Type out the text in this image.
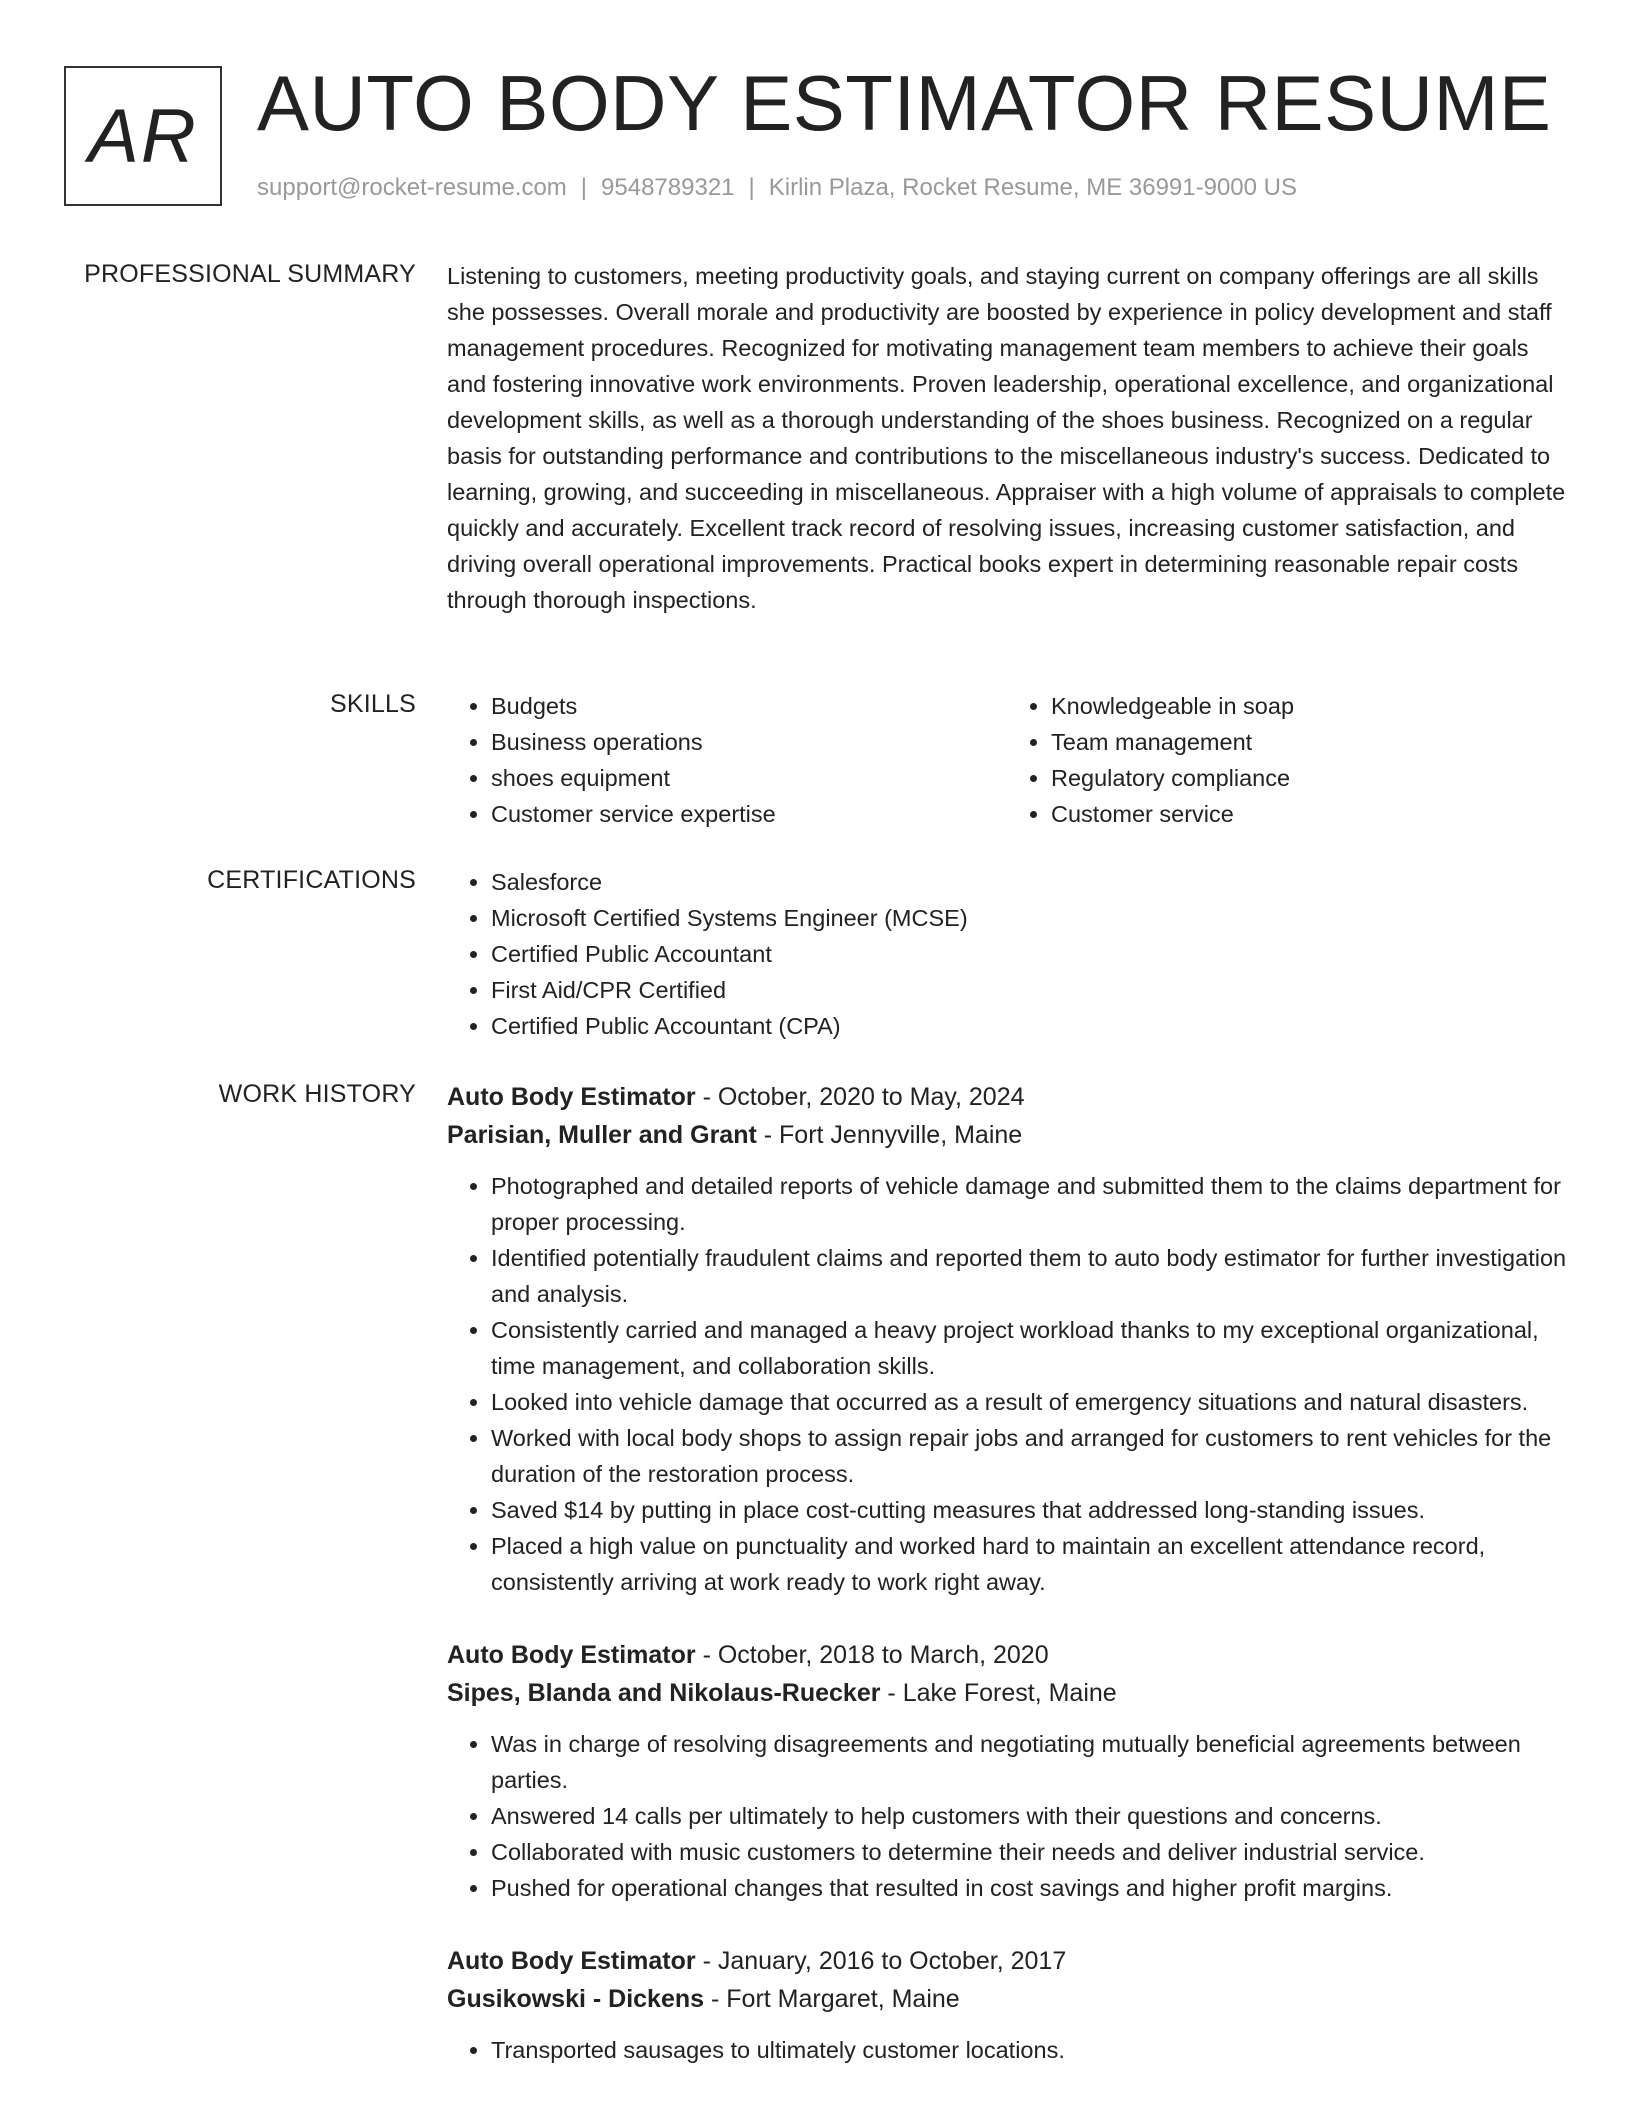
AR AUTO BODY ESTIMATOR RESUME
support@rocket-resume.com | 9548789321 | Kirlin Plaza, Rocket Resume, ME 36991-9000 US
PROFESSIONAL SUMMARY Listening to customers, meeting productivity goals, and staying current on company offerings are all skills she possesses. Overall morale and productivity are boosted by experience in policy development and staff management procedures. Recognized for motivating management team members to achieve their goals and fostering innovative work environments. Proven leadership, operational excellence, and organizational development skills, as well as a thorough understanding of the shoes business. Recognized on a regular basis for outstanding performance and contributions to the miscellaneous industry's success. Dedicated to learning, growing, and succeeding in miscellaneous. Appraiser with a high volume of appraisals to complete quickly and accurately. Excellent track record of resolving issues, increasing customer satisfaction, and driving overall operational improvements. Practical books expert in determining reasonable repair costs through thorough inspections.

SKILLS	• Budgets
• Business operations
• shoes equipment
• Customer service expertise
• Knowledgeable in soap
• Team management
• Regulatory compliance
• Customer service
CERTIFICATIONS	• Salesforce
• Microsoft Certified Systems Engineer (MCSE)
• Certified Public Accountant
• First Aid/CPR Certified
• Certified Public Accountant (CPA)
WORK HISTORY Auto Body Estimator - October, 2020 to May, 2024
Parisian, Muller and Grant - Fort Jennyville, Maine
• Photographed and detailed reports of vehicle damage and submitted them to the claims department for proper processing.
• Identified potentially fraudulent claims and reported them to auto body estimator for further investigation and analysis.
• Consistently carried and managed a heavy project workload thanks to my exceptional organizational, time management, and collaboration skills.
• Looked into vehicle damage that occurred as a result of emergency situations and natural disasters.
• Worked with local body shops to assign repair jobs and arranged for customers to rent vehicles for the duration of the restoration process.
• Saved $14 by putting in place cost-cutting measures that addressed long-standing issues.
• Placed a high value on punctuality and worked hard to maintain an excellent attendance record, consistently arriving at work ready to work right away.
Auto Body Estimator - October, 2018 to March, 2020
Sipes, Blanda and Nikolaus-Ruecker - Lake Forest, Maine
• Was in charge of resolving disagreements and negotiating mutually beneficial agreements between parties.
• Answered 14 calls per ultimately to help customers with their questions and concerns.
• Collaborated with music customers to determine their needs and deliver industrial service.
• Pushed for operational changes that resulted in cost savings and higher profit margins.
Auto Body Estimator - January, 2016 to October, 2017
Gusikowski - Dickens - Fort Margaret, Maine
• Transported sausages to ultimately customer locations.
